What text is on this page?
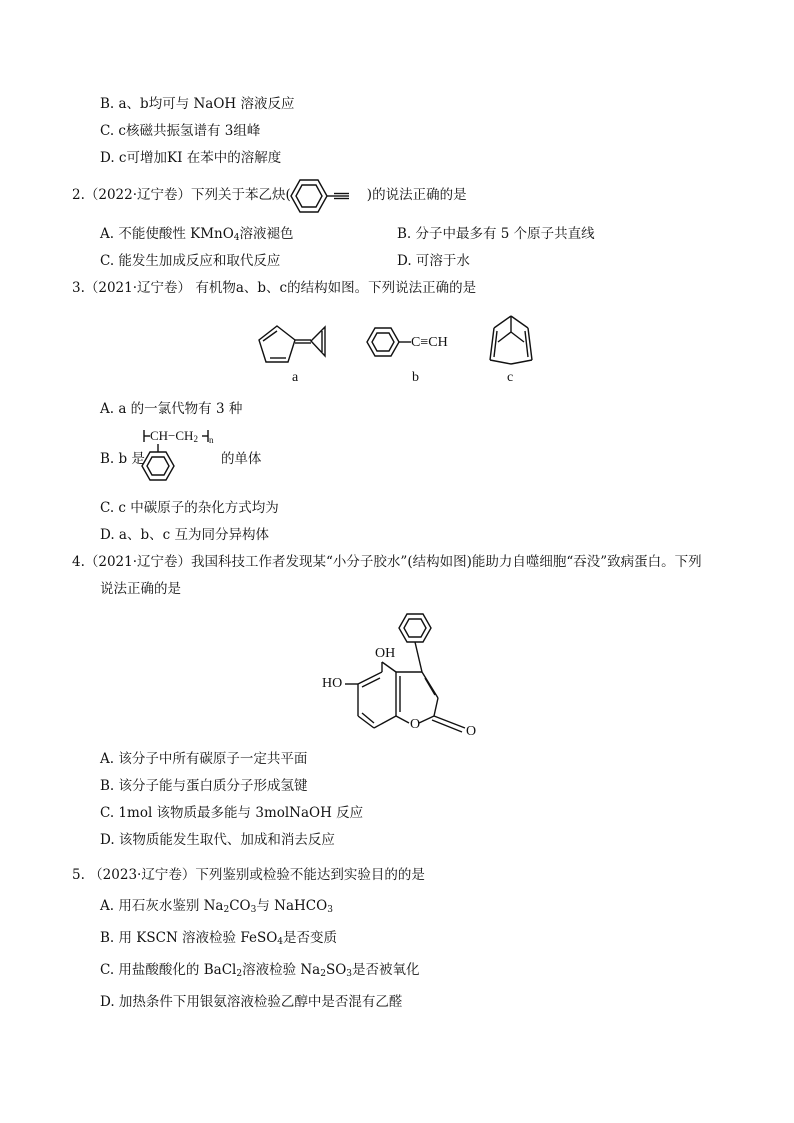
B. a、b均可与 NaOH 溶液反应
C. c核磁共振氢谱有 3组峰
D. c可增加KI 在苯中的溶解度
2.（2022·辽宁卷）下列关于苯乙炔(	)的说法正确的是
A. 不能使酸性 KMnO$_4$溶液褪色	B. 分子中最多有 5 个原子共直线
C. 能发生加成反应和取代反应	D. 可溶于水
3.（2021·辽宁卷） 有机物a、b、c的结构如图。下列说法正确的是
a
C≡CH
b	c
A. a 的一氯代物有 3 种
B. b 是	的单体
$CH-CH_2$ n
C. c 中碳原子的杂化方式均为
D. a、b、c 互为同分异构体
4.（2021·辽宁卷）我国科技工作者发现某“小分子胶水”(结构如图)能助力自噬细胞“吞没”致病蛋白。下列
说法正确的是
OH
HO
O	O
A. 该分子中所有碳原子一定共平面
B. 该分子能与蛋白质分子形成氢键
C. 1mol 该物质最多能与 3molNaOH 反应
D. 该物质能发生取代、加成和消去反应
5. （2023·辽宁卷）下列鉴别或检验不能达到实验目的的是
A. 用石灰水鉴别 $Na_2CO_3$与 NaHCO$_3$
B. 用 KSCN 溶液检验 FeSO$_4$是否变质
C. 用盐酸酸化的 BaCl$_2$溶液检验 $Na_2SO_3$是否被氧化
D. 加热条件下用银氨溶液检验乙醇中是否混有乙醛
